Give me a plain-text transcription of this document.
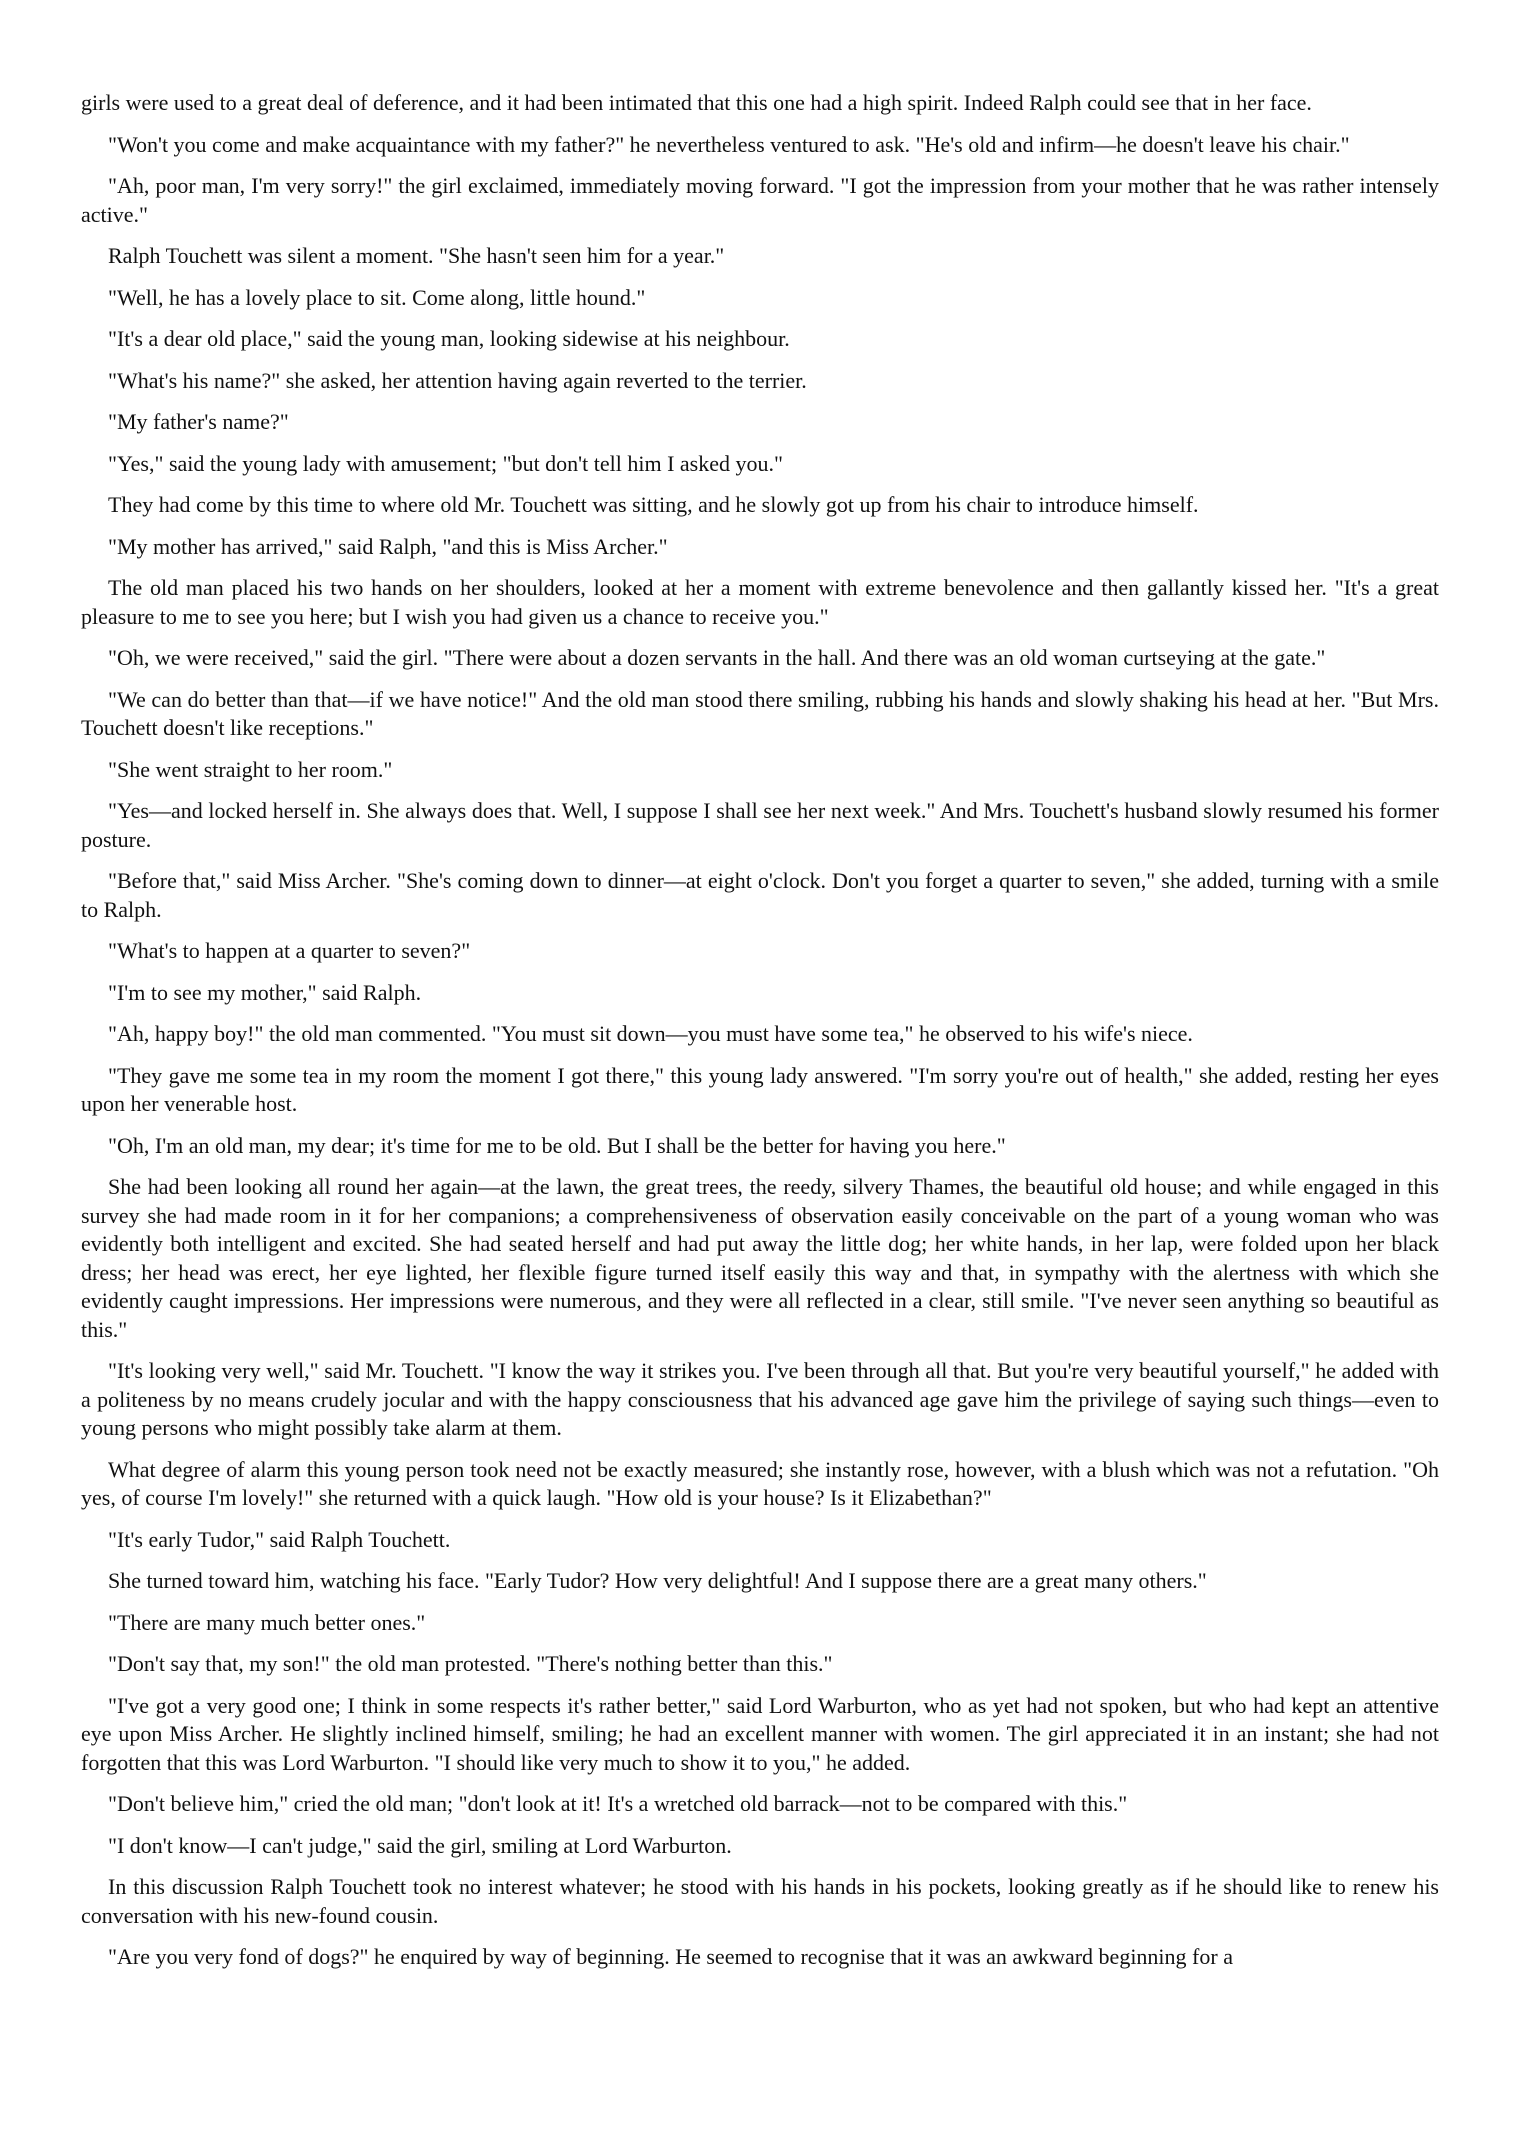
girls were used to a great deal of deference, and it had been intimated that this one had a high spirit. Indeed Ralph could see that in her face.

"Won't you come and make acquaintance with my father?" he nevertheless ventured to ask. "He's old and infirm—he doesn't leave his chair."

"Ah, poor man, I'm very sorry!" the girl exclaimed, immediately moving forward. "I got the impression from your mother that he was rather intensely active."

Ralph Touchett was silent a moment. "She hasn't seen him for a year."

"Well, he has a lovely place to sit. Come along, little hound."

"It's a dear old place," said the young man, looking sidewise at his neighbour.

"What's his name?" she asked, her attention having again reverted to the terrier.

"My father's name?"

"Yes," said the young lady with amusement; "but don't tell him I asked you."

They had come by this time to where old Mr. Touchett was sitting, and he slowly got up from his chair to introduce himself.

"My mother has arrived," said Ralph, "and this is Miss Archer."

The old man placed his two hands on her shoulders, looked at her a moment with extreme benevolence and then gallantly kissed her. "It's a great pleasure to me to see you here; but I wish you had given us a chance to receive you."

"Oh, we were received," said the girl. "There were about a dozen servants in the hall. And there was an old woman curtseying at the gate."

"We can do better than that—if we have notice!" And the old man stood there smiling, rubbing his hands and slowly shaking his head at her. "But Mrs. Touchett doesn't like receptions."

"She went straight to her room."

"Yes—and locked herself in. She always does that. Well, I suppose I shall see her next week." And Mrs. Touchett's husband slowly resumed his former posture.

"Before that," said Miss Archer. "She's coming down to dinner—at eight o'clock. Don't you forget a quarter to seven," she added, turning with a smile to Ralph.

"What's to happen at a quarter to seven?"

"I'm to see my mother," said Ralph.

"Ah, happy boy!" the old man commented. "You must sit down—you must have some tea," he observed to his wife's niece.

"They gave me some tea in my room the moment I got there," this young lady answered. "I'm sorry you're out of health," she added, resting her eyes upon her venerable host.

"Oh, I'm an old man, my dear; it's time for me to be old. But I shall be the better for having you here."

She had been looking all round her again—at the lawn, the great trees, the reedy, silvery Thames, the beautiful old house; and while engaged in this survey she had made room in it for her companions; a comprehensiveness of observation easily conceivable on the part of a young woman who was evidently both intelligent and excited. She had seated herself and had put away the little dog; her white hands, in her lap, were folded upon her black dress; her head was erect, her eye lighted, her flexible figure turned itself easily this way and that, in sympathy with the alertness with which she evidently caught impressions. Her impressions were numerous, and they were all reflected in a clear, still smile. "I've never seen anything so beautiful as this."

"It's looking very well," said Mr. Touchett. "I know the way it strikes you. I've been through all that. But you're very beautiful yourself," he added with a politeness by no means crudely jocular and with the happy consciousness that his advanced age gave him the privilege of saying such things—even to young persons who might possibly take alarm at them.

What degree of alarm this young person took need not be exactly measured; she instantly rose, however, with a blush which was not a refutation. "Oh yes, of course I'm lovely!" she returned with a quick laugh. "How old is your house? Is it Elizabethan?"

"It's early Tudor," said Ralph Touchett.

She turned toward him, watching his face. "Early Tudor? How very delightful! And I suppose there are a great many others."

"There are many much better ones."

"Don't say that, my son!" the old man protested. "There's nothing better than this."

"I've got a very good one; I think in some respects it's rather better," said Lord Warburton, who as yet had not spoken, but who had kept an attentive eye upon Miss Archer. He slightly inclined himself, smiling; he had an excellent manner with women. The girl appreciated it in an instant; she had not forgotten that this was Lord Warburton. "I should like very much to show it to you," he added.

"Don't believe him," cried the old man; "don't look at it! It's a wretched old barrack—not to be compared with this."

"I don't know—I can't judge," said the girl, smiling at Lord Warburton.

In this discussion Ralph Touchett took no interest whatever; he stood with his hands in his pockets, looking greatly as if he should like to renew his conversation with his new-found cousin.

"Are you very fond of dogs?" he enquired by way of beginning. He seemed to recognise that it was an awkward beginning for a
